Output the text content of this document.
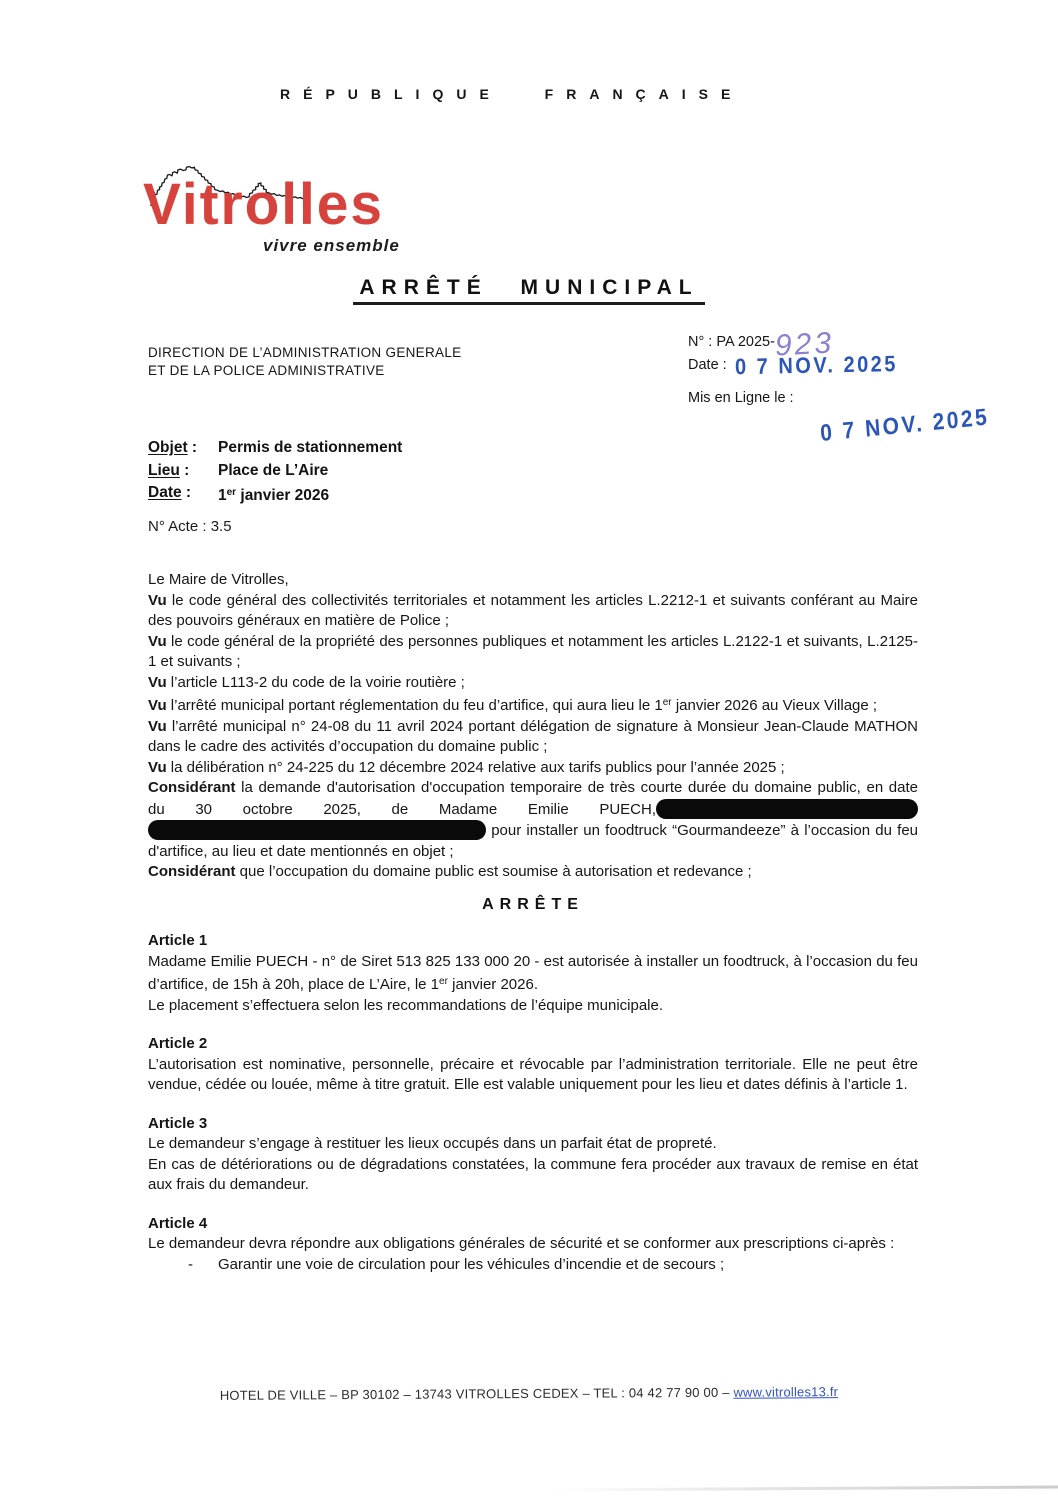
RÉPUBLIQUE FRANÇAISE
Vitrolles
vivre ensemble
ARRÊTÉ MUNICIPAL
DIRECTION DE L’ADMINISTRATION GENERALE
ET DE LA POLICE ADMINISTRATIVE
N° : PA 2025-923
Date : 0 7 NOV. 2025
Mis en Ligne le :
0 7 NOV. 2025
Objet :	Permis de stationnement
Lieu :	Place de L’Aire
Date :	1er janvier 2026
N° Acte : 3.5

Le Maire de Vitrolles,

Vu le code général des collectivités territoriales et notamment les articles L.2212-1 et suivants conférant au Maire des pouvoirs généraux en matière de Police ;

Vu le code général de la propriété des personnes publiques et notamment les articles L.2122-1 et suivants, L.2125-1 et suivants ;

Vu l’article L113-2 du code de la voirie routière ;

Vu l’arrêté municipal portant réglementation du feu d’artifice, qui aura lieu le 1er janvier 2026 au Vieux Village ;

Vu l’arrêté municipal n° 24-08 du 11 avril 2024 portant délégation de signature à Monsieur Jean-Claude MATHON dans le cadre des activités d’occupation du domaine public ;

Vu la délibération n° 24-225 du 12 décembre 2024 relative aux tarifs publics pour l’année 2025 ;

Considérant la demande d'autorisation d'occupation temporaire de très courte durée du domaine public, en date du 30 octobre 2025, de Madame Emilie PUECH,  pour installer un foodtruck “Gourmandeeze” à l’occasion du feu d'artifice, au lieu et date mentionnés en objet ;

Considérant que l’occupation du domaine public est soumise à autorisation et redevance ;

ARRÊTE
Article 1

Madame Emilie PUECH - n° de Siret 513 825 133 000 20 - est autorisée à installer un foodtruck, à l’occasion du feu d’artifice, de 15h à 20h, place de L’Aire, le 1er janvier 2026.

Le placement s’effectuera selon les recommandations de l’équipe municipale.

Article 2

L’autorisation est nominative, personnelle, précaire et révocable par l’administration territoriale. Elle ne peut être vendue, cédée ou louée, même à titre gratuit. Elle est valable uniquement pour les lieu et dates définis à l’article 1.

Article 3

Le demandeur s’engage à restituer les lieux occupés dans un parfait état de propreté.

En cas de détériorations ou de dégradations constatées, la commune fera procéder aux travaux de remise en état aux frais du demandeur.

Article 4

Le demandeur devra répondre aux obligations générales de sécurité et se conformer aux prescriptions ci-après :

-	Garantir une voie de circulation pour les véhicules d’incendie et de secours ;
HOTEL DE VILLE – BP 30102 – 13743 VITROLLES CEDEX – TEL : 04 42 77 90 00 – www.vitrolles13.fr
